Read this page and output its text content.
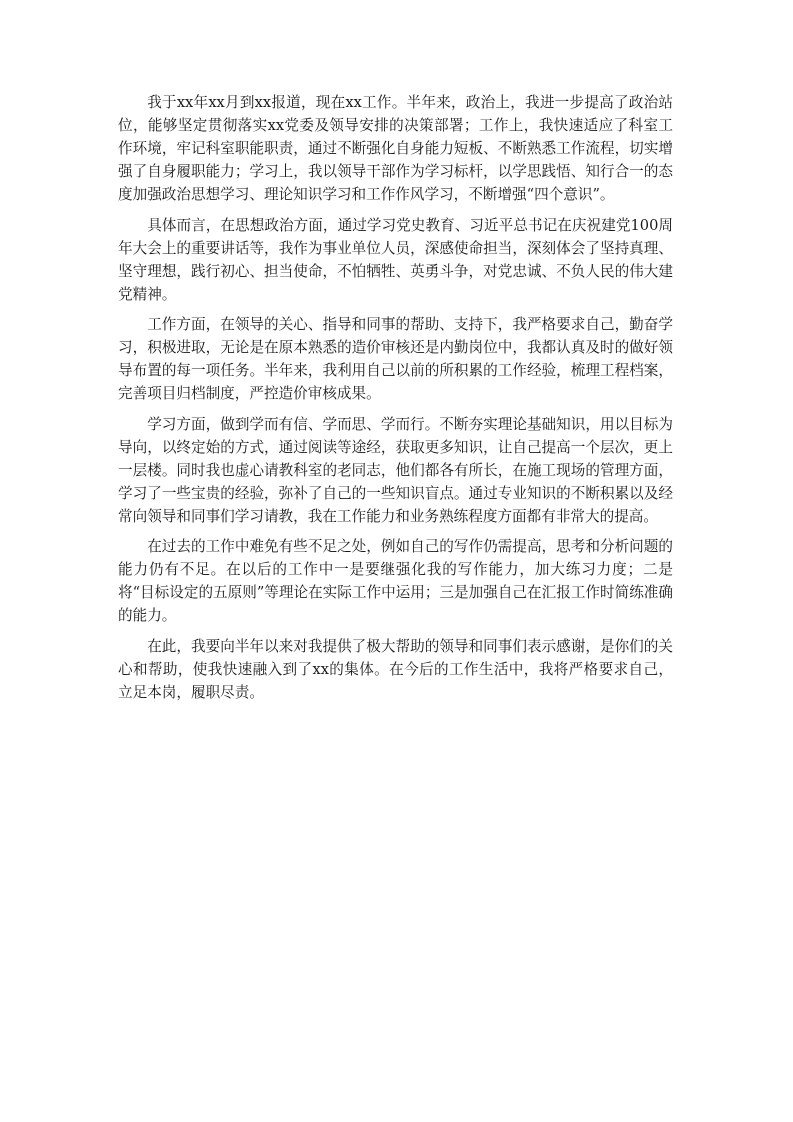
我于xx年xx月到xx报道，现在xx工作。半年来，政治上，我进一步提高了政治站位，能够坚定贯彻落实xx党委及领导安排的决策部署；工作上，我快速适应了科室工作环境，牢记科室职能职责，通过不断强化自身能力短板、不断熟悉工作流程，切实增强了自身履职能力；学习上，我以领导干部作为学习标杆，以学思践悟、知行合一的态度加强政治思想学习、理论知识学习和工作作风学习，不断增强“四个意识”。

具体而言，在思想政治方面，通过学习党史教育、习近平总书记在庆祝建党100周年大会上的重要讲话等，我作为事业单位人员，深感使命担当，深刻体会了坚持真理、坚守理想，践行初心、担当使命，不怕牺牲、英勇斗争，对党忠诚、不负人民的伟大建党精神。

工作方面，在领导的关心、指导和同事的帮助、支持下，我严格要求自己，勤奋学习，积极进取，无论是在原本熟悉的造价审核还是内勤岗位中，我都认真及时的做好领导布置的每一项任务。半年来，我利用自己以前的所积累的工作经验，梳理工程档案，完善项目归档制度，严控造价审核成果。

学习方面，做到学而有信、学而思、学而行。不断夯实理论基础知识，用以目标为导向，以终定始的方式，通过阅读等途经，获取更多知识，让自己提高一个层次，更上一层楼。同时我也虚心请教科室的老同志，他们都各有所长，在施工现场的管理方面，学习了一些宝贵的经验，弥补了自己的一些知识盲点。通过专业知识的不断积累以及经常向领导和同事们学习请教，我在工作能力和业务熟练程度方面都有非常大的提高。

在过去的工作中难免有些不足之处，例如自己的写作仍需提高，思考和分析问题的能力仍有不足。在以后的工作中一是要继强化我的写作能力，加大练习力度；二是将“目标设定的五原则”等理论在实际工作中运用；三是加强自己在汇报工作时简练准确的能力。

在此，我要向半年以来对我提供了极大帮助的领导和同事们表示感谢，是你们的关心和帮助，使我快速融入到了xx的集体。在今后的工作生活中，我将严格要求自己，立足本岗，履职尽责。
